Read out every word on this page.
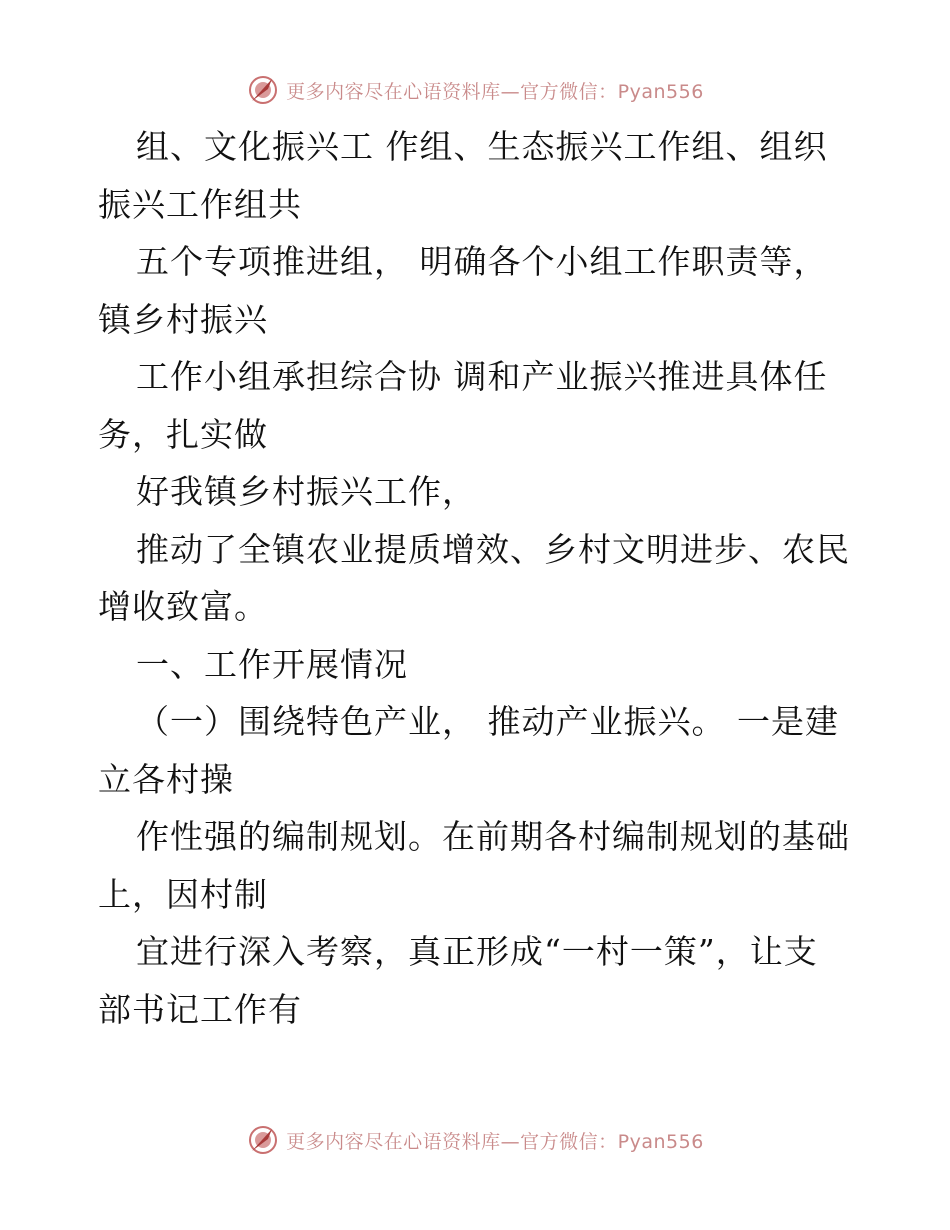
更多内容尽在心语资料库—官方微信：Pyan556
组、文化振兴工 作组、生态振兴工作组、组织
振兴工作组共
五个专项推进组， 明确各个小组工作职责等，
镇乡村振兴
工作小组承担综合协 调和产业振兴推进具体任
务，扎实做
好我镇乡村振兴工作，
推动了全镇农业提质增效、乡村文明进步、农民
增收致富。
一、工作开展情况
（一）围绕特色产业， 推动产业振兴。 一是建
立各村操
作性强的编制规划。在前期各村编制规划的基础
上，因村制
宜进行深入考察，真正形成“一村一策”，让支
部书记工作有
更多内容尽在心语资料库—官方微信：Pyan556
